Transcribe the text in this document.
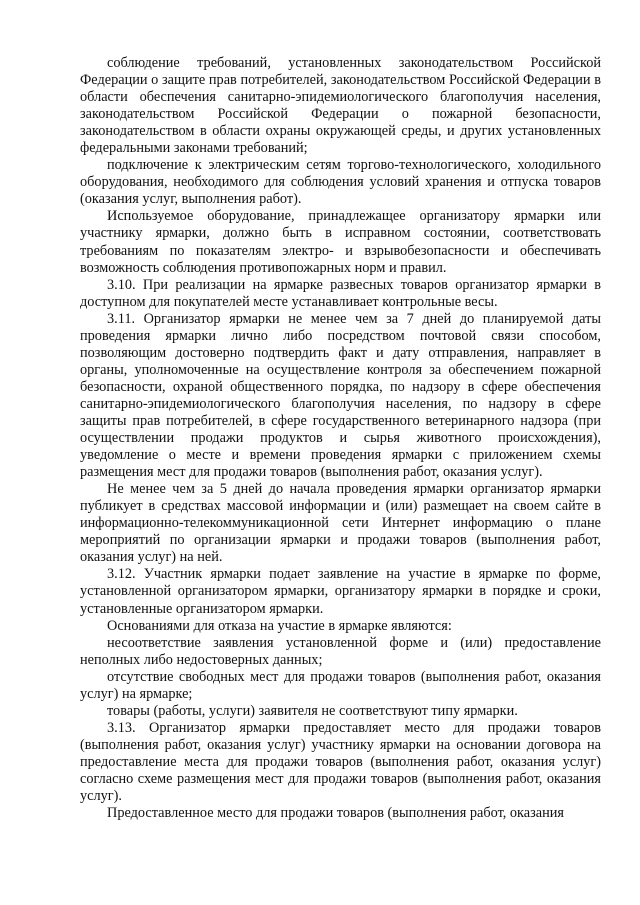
соблюдение требований, установленных законодательством Российской Федерации о защите прав потребителей, законодательством Российской Федерации в области обеспечения санитарно-эпидемиологического благополучия населения, законодательством Российской Федерации о пожарной безопасности, законодательством в области охраны окружающей среды, и других установленных федеральными законами требований;

подключение к электрическим сетям торгово-технологического, холодильного оборудования, необходимого для соблюдения условий хранения и отпуска товаров (оказания услуг, выполнения работ).

Используемое оборудование, принадлежащее организатору ярмарки или участнику ярмарки, должно быть в исправном состоянии, соответствовать требованиям по показателям электро- и взрывобезопасности и обеспечивать возможность соблюдения противопожарных норм и правил.

3.10. При реализации на ярмарке развесных товаров организатор ярмарки в доступном для покупателей месте устанавливает контрольные весы.

3.11. Организатор ярмарки не менее чем за 7 дней до планируемой даты проведения ярмарки лично либо посредством почтовой связи способом, позволяющим достоверно подтвердить факт и дату отправления, направляет в органы, уполномоченные на осуществление контроля за обеспечением пожарной безопасности, охраной общественного порядка, по надзору в сфере обеспечения санитарно-эпидемиологического благополучия населения, по надзору в сфере защиты прав потребителей, в сфере государственного ветеринарного надзора (при осуществлении продажи продуктов и сырья животного происхождения), уведомление о месте и времени проведения ярмарки с приложением схемы размещения мест для продажи товаров (выполнения работ, оказания услуг).

Не менее чем за 5 дней до начала проведения ярмарки организатор ярмарки публикует в средствах массовой информации и (или) размещает на своем сайте в информационно-телекоммуникационной сети Интернет информацию о плане мероприятий по организации ярмарки и продажи товаров (выполнения работ, оказания услуг) на ней.

3.12. Участник ярмарки подает заявление на участие в ярмарке по форме, установленной организатором ярмарки, организатору ярмарки в порядке и сроки, установленные организатором ярмарки.

Основаниями для отказа на участие в ярмарке являются:

несоответствие заявления установленной форме и (или) предоставление неполных либо недостоверных данных;

отсутствие свободных мест для продажи товаров (выполнения работ, оказания услуг) на ярмарке;

товары (работы, услуги) заявителя не соответствуют типу ярмарки.

3.13. Организатор ярмарки предоставляет место для продажи товаров (выполнения работ, оказания услуг) участнику ярмарки на основании договора на предоставление места для продажи товаров (выполнения работ, оказания услуг) согласно схеме размещения мест для продажи товаров (выполнения работ, оказания услуг).

Предоставленное место для продажи товаров (выполнения работ, оказания
